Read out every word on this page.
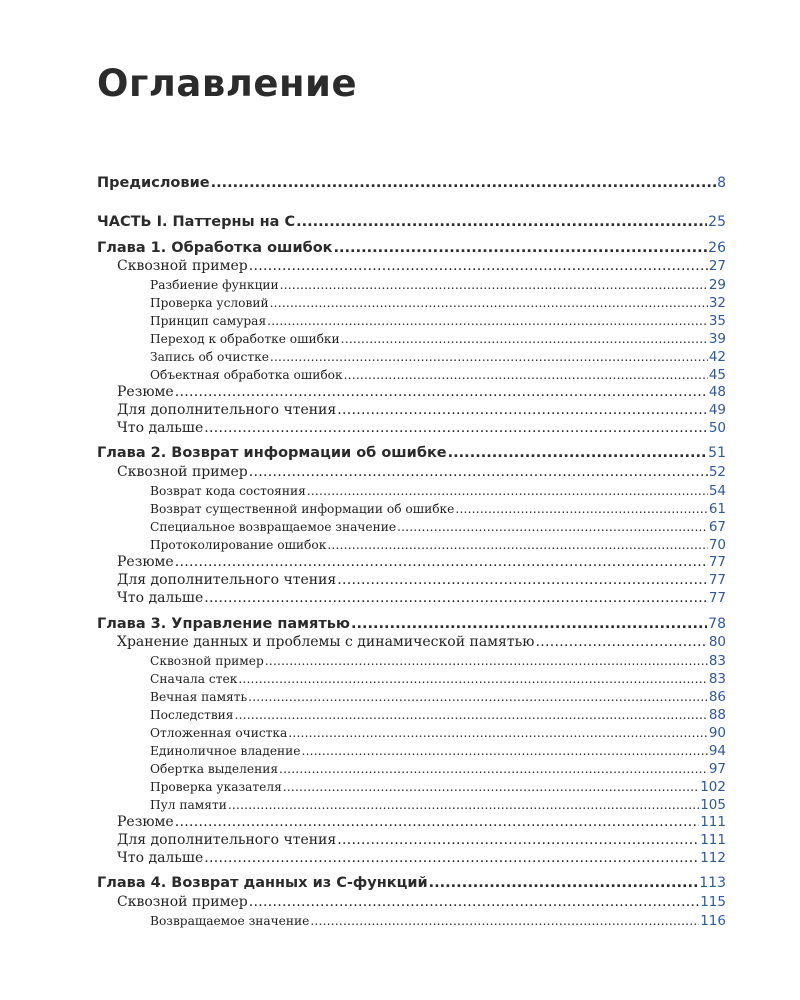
Оглавление
Предисловие .....	8
ЧАСТЬ I. Паттерны на С .....	25
Глава 1. Обработка ошибок .....	26
Сквозной пример .....	27
Разбиение функции .....	29
Проверка условий .....	32
Принцип самурая .....	35
Переход к обработке ошибки .....	39
Запись об очистке .....	42
Объектная обработка ошибок .....	45
Резюме .....	48
Для дополнительного чтения .....	49
Что дальше .....	50
Глава 2. Возврат информации об ошибке .....	51
Сквозной пример .....	52
Возврат кода состояния .....	54
Возврат существенной информации об ошибке .....	61
Специальное возвращаемое значение .....	67
Протоколирование ошибок .....	70
Резюме .....	77
Для дополнительного чтения .....	77
Что дальше .....	77
Глава 3. Управление памятью .....	78
Хранение данных и проблемы с динамической памятью .....	80
Сквозной пример .....	83
Сначала стек .....	83
Вечная память .....	86
Последствия .....	88
Отложенная очистка .....	90
Единоличное владение .....	94
Обертка выделения .....	97
Проверка указателя .....	102
Пул памяти .....	105
Резюме .....	111
Для дополнительного чтения .....	111
Что дальше .....	112
Глава 4. Возврат данных из С-функций .....	113
Сквозной пример .....	115
Возвращаемое значение .....	116
